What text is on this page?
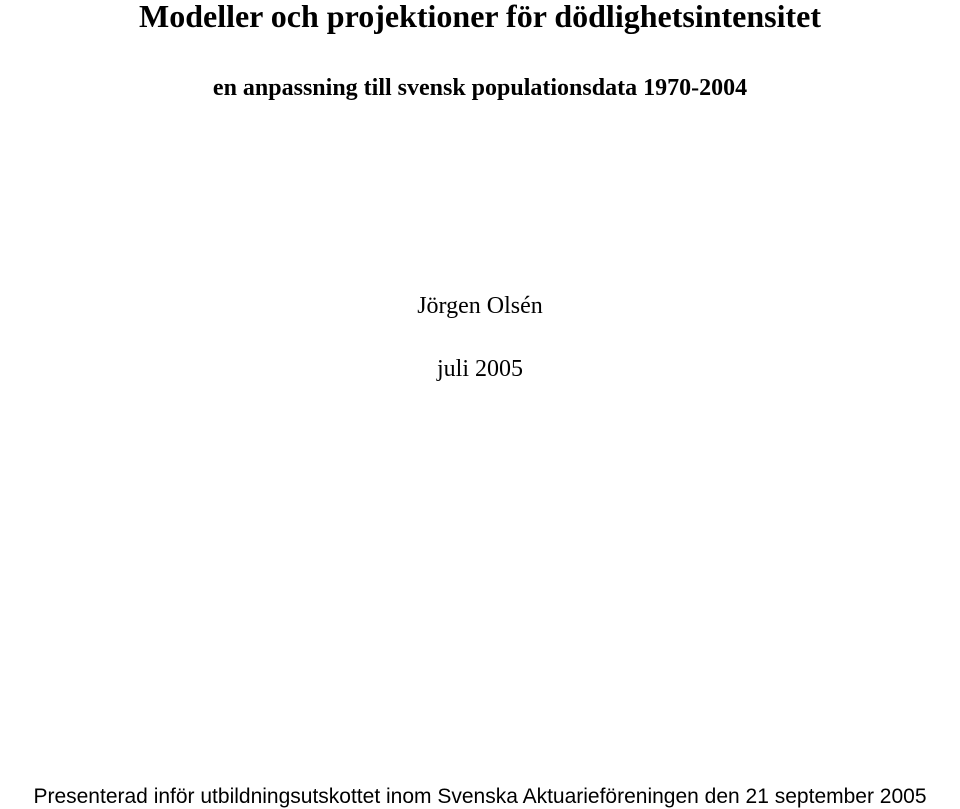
Modeller och projektioner för dödlighetsintensitet
en anpassning till svensk populationsdata 1970-2004
Jörgen Olsén
juli 2005
Presenterad inför utbildningsutskottet inom Svenska Aktuarieföreningen den 21 september 2005
